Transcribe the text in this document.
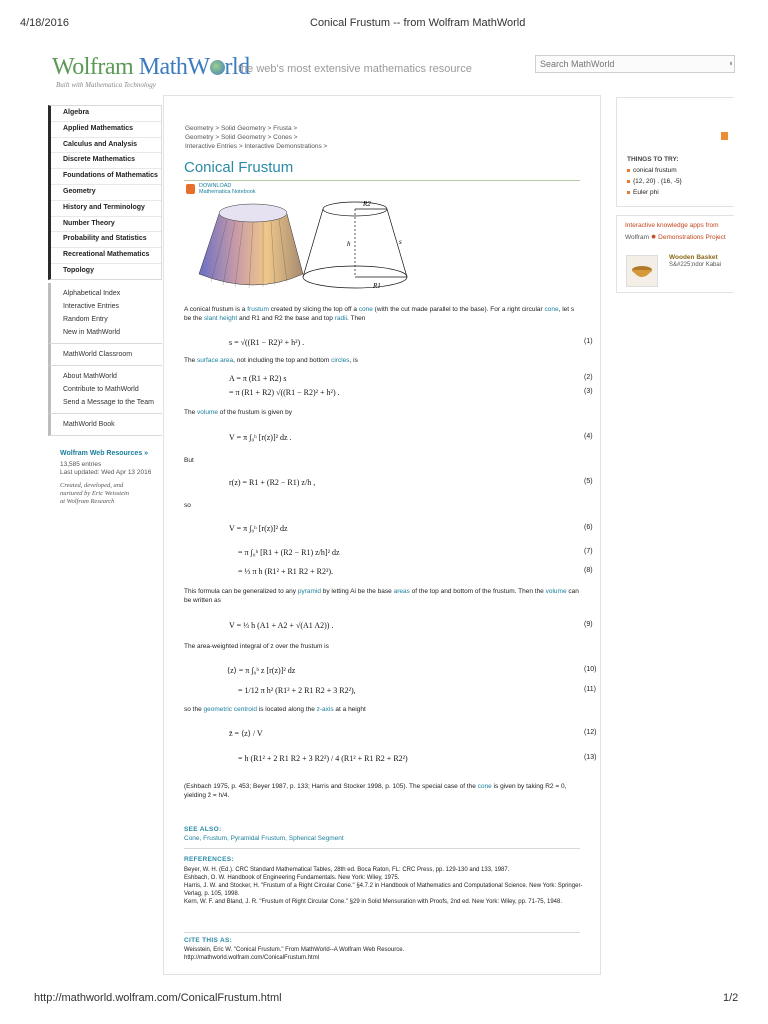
4/18/2016	Conical Frustum -- from Wolfram MathWorld
http://mathworld.wolfram.com/ConicalFrustum.html	1/2
Wolfram MathW rld
Built with Mathematica Technology
the web's most extensive mathematics resource
Search MathWorld	◖
Algebra
Applied Mathematics
Calculus and Analysis
Discrete Mathematics
Foundations of Mathematics
Geometry
History and Terminology
Number Theory
Probability and Statistics
Recreational Mathematics
Topology
Alphabetical Index
Interactive Entries
Random Entry
New in MathWorld
MathWorld Classroom
About MathWorld
Contribute to MathWorld
Send a Message to the Team
MathWorld Book
Wolfram Web Resources »
13,585 entries
Last updated: Wed Apr 13 2016
Created, developed, and
nurtured by Eric Weisstein
at Wolfram Research
Geometry > Solid Geometry > Frusta >
Geometry > Solid Geometry > Cones >
Interactive Entries > Interactive Demonstrations >
Conical Frustum
DOWNLOAD
Mathematica Notebook
R2
R1
h	s
A conical frustum is a frustum created by slicing the top off a cone (with the cut made parallel to the base). For a right circular cone, let s be the slant height and R1 and R2 the base and top radii. Then
s = √((R1 − R2)² + h²) .	(1)
The surface area, not including the top and bottom circles, is
A = π (R1 + R2) s	(2)
= π (R1 + R2) √((R1 − R2)² + h²) .	(3)
The volume of the frustum is given by
V = π ∫₀ʰ [r(z)]² dz .	(4)
But
r(z) = R1 + (R2 − R1) z/h ,	(5)
so
V = π ∫₀ʰ [r(z)]² dz	(6)
= π ∫₀ʰ [R1 + (R2 − R1) z/h]² dz	(7)
= ⅓ π h (R1² + R1 R2 + R2²).	(8)
This formula can be generalized to any pyramid by letting Ai be the base areas of the top and bottom of the frustum. Then the volume can be written as
V = ⅓ h (A1 + A2 + √(A1 A2)) .	(9)
The area-weighted integral of z over the frustum is
⟨z⟩ = π ∫₀ʰ z [r(z)]² dz	(10)
= 1/12 π h² (R1² + 2 R1 R2 + 3 R2²),	(11)
so the geometric centroid is located along the z-axis at a height
z̄ = ⟨z⟩ / V	(12)
= h (R1² + 2 R1 R2 + 3 R2²) / 4 (R1² + R1 R2 + R2²)	(13)
(Eshbach 1975, p. 453; Beyer 1987, p. 133; Harris and Stocker 1998, p. 105). The special case of the cone is given by taking R2 = 0, yielding z̄ = h/4.
SEE ALSO:
Cone, Frustum, Pyramidal Frustum, Spherical Segment
REFERENCES:
Beyer, W. H. (Ed.). CRC Standard Mathematical Tables, 28th ed. Boca Raton, FL: CRC Press, pp. 129-130 and 133, 1987.
Eshbach, O. W. Handbook of Engineering Fundamentals. New York: Wiley, 1975.
Harris, J. W. and Stocker, H. "Frustum of a Right Circular Cone." §4.7.2 in Handbook of Mathematics and Computational Science. New York: Springer-Verlag, p. 105, 1998.
Kern, W. F. and Bland, J. R. "Frustum of Right Circular Cone." §29 in Solid Mensuration with Proofs, 2nd ed. New York: Wiley, pp. 71-75, 1948.
CITE THIS AS:
Weisstein, Eric W. "Conical Frustum." From MathWorld--A Wolfram Web Resource.
http://mathworld.wolfram.com/ConicalFrustum.html
THINGS TO TRY:
conical frustum
{12, 20} . {16, -5}
Euler phi
Interactive knowledge apps from
Wolfram ✹ Demonstrations Project
Wooden Basket
S&#225;ndor Kabai
